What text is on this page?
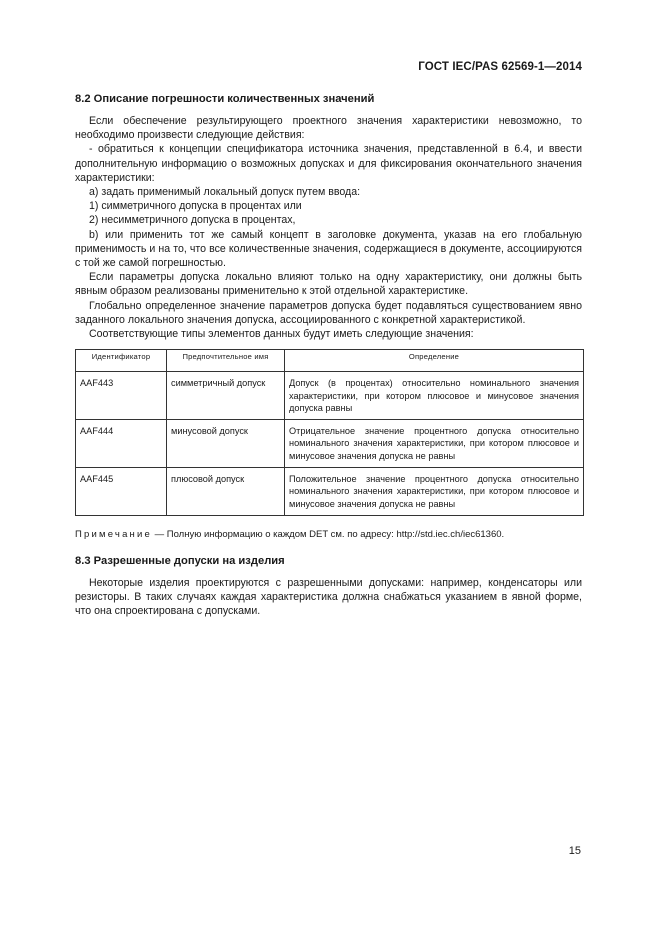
ГОСТ IEC/PAS 62569-1—2014
8.2 Описание погрешности количественных значений

Если обеспечение результирующего проектного значения характеристики невозможно, то необходимо произвести следующие действия:

- обратиться к концепции спецификатора источника значения, представленной в 6.4, и ввести дополнительную информацию о возможных допусках и для фиксирования окончательного значения характеристики:

а) задать применимый локальный допуск путем ввода:

1) симметричного допуска в процентах или

2) несимметричного допуска в процентах,

b) или применить тот же самый концепт в заголовке документа, указав на его глобальную применимость и на то, что все количественные значения, содержащиеся в документе, ассоциируются с той же самой погрешностью.

Если параметры допуска локально влияют только на одну характеристику, они должны быть явным образом реализованы применительно к этой отдельной характеристике.

Глобально определенное значение параметров допуска будет подавляться существованием явно заданного локального значения допуска, ассоциированного с конкретной характеристикой.

Соответствующие типы элементов данных будут иметь следующие значения:

Идентификатор	Предпочтительное имя	Определение
AAF443	симметричный допуск	Допуск (в процентах) относительно номинального значения характеристики, при котором плюсовое и минусовое значения допуска равны
AAF444	минусовой допуск	Отрицательное значение процентного допуска относительно номинального значения характеристики, при котором плюсовое и минусовое значения допуска не равны
AAF445	плюсовой допуск	Положительное значение процентного допуска относительно номинального значения характеристики, при котором плюсовое и минусовое значения допуска не равны
Примечание — Полную информацию о каждом DET см. по адресу: http://std.iec.ch/iec61360.
8.3 Разрешенные допуски на изделия

Некоторые изделия проектируются с разрешенными допусками: например, конденсаторы или резисторы. В таких случаях каждая характеристика должна снабжаться указанием в явной форме, что она спроектирована с допусками.

15
